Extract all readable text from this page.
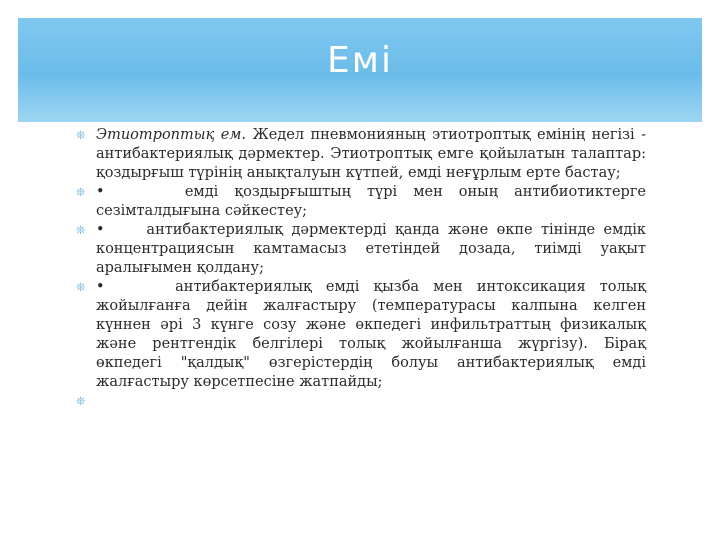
Емі
❊ Этиотроптық ем. Жедел пневмонияның этиотроптық емінің негізі - антибактериялық дәрмектер. Этиотроптық емге қойылатын талаптар: қоздырғыш түрінің анықталуын күтпей, емді неғұрлым ерте бастау;
❊ •     емді қоздырғыштың түрі мен оның антибиотиктерге сезімталдығына сәйкестеу;
❊ •     антибактериялық дәрмектерді қанда және өкпе тінінде емдік концентрациясын камтамасыз ететіндей дозада, тиімді уақыт аралығымен қолдану;
❊ •     антибактериялық емді қызба мен интоксикация толық жойылғанға дейін жалғастыру (температурасы калпына келген күннен әрі 3 күнге созу және өкпедегі инфильтраттың физикалық және рентгендік белгілері толық жойылғанша жүргізу). Бірақ өкпедегі "қалдық" өзгерістердің болуы антибактериялық емді жалғастыру көрсетпесіне жатпайды;
❊
